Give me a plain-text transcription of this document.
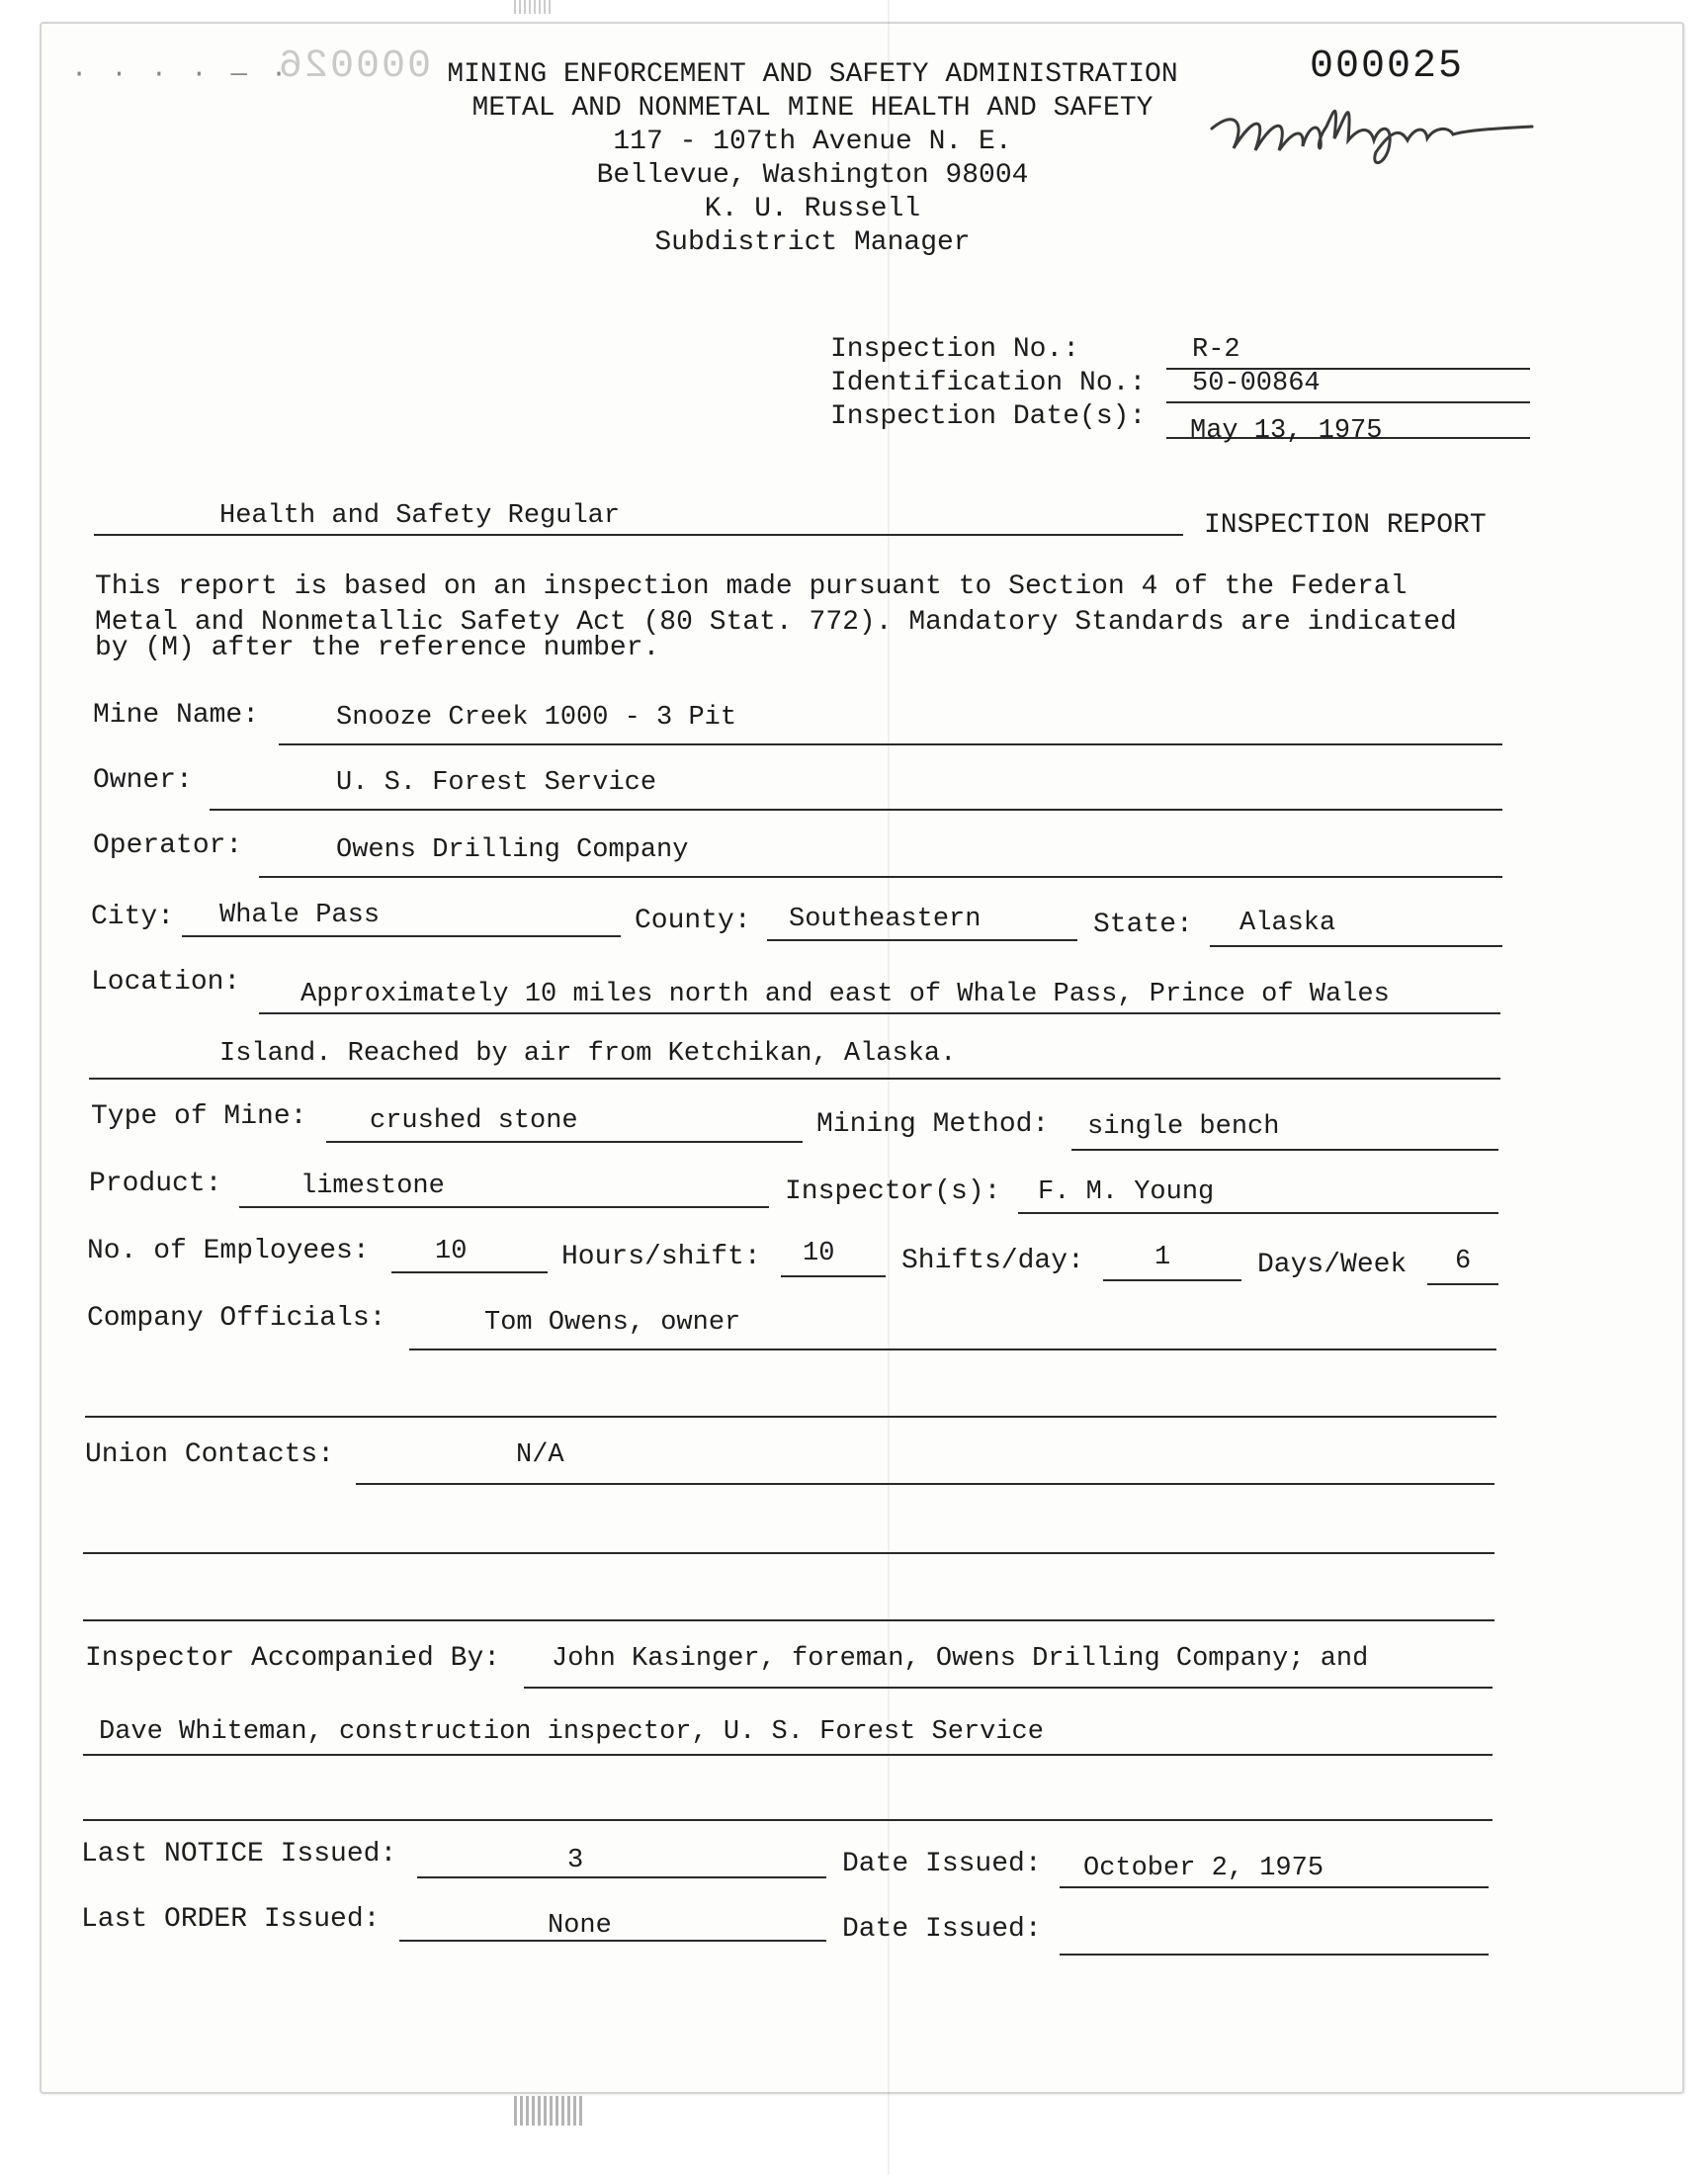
· · · · — ·
000026 MINING ENFORCEMENT AND SAFETY ADMINISTRATION
METAL AND NONMETAL MINE HEALTH AND SAFETY
117 - 107th Avenue N. E.
Bellevue, Washington 98004
K. U. Russell
Subdistrict Manager
000025
Inspection No.:	R-2
Identification No.: 50-00864
Inspection Date(s): May 13, 1975
Health and Safety Regular	INSPECTION REPORT
This report is based on an inspection made pursuant to Section 4 of the Federal
Metal and Nonmetallic Safety Act (80 Stat. 772). Mandatory Standards are indicated
by (M) after the reference number.
Mine Name:	Snooze Creek 1000 - 3 Pit
Owner:	U. S. Forest Service
Operator:	Owens Drilling Company
City: Whale Pass	County: Southeastern	State: Alaska
Location: Approximately 10 miles north and east of Whale Pass, Prince of Wales
Island. Reached by air from Ketchikan, Alaska.
Type of Mine: crushed stone	Mining Method: single bench
Product:	limestone	Inspector(s): F. M. Young
No. of Employees: 10	Hours/shift: 10 Shifts/day:	1	Days/Week 6
Company Officials:	Tom Owens, owner
Union Contacts:	N/A
Inspector Accompanied By: John Kasinger, foreman, Owens Drilling Company; and
Dave Whiteman, construction inspector, U. S. Forest Service
Last NOTICE Issued:	3	Date Issued: October 2, 1975
Last ORDER Issued:	None	Date Issued:
